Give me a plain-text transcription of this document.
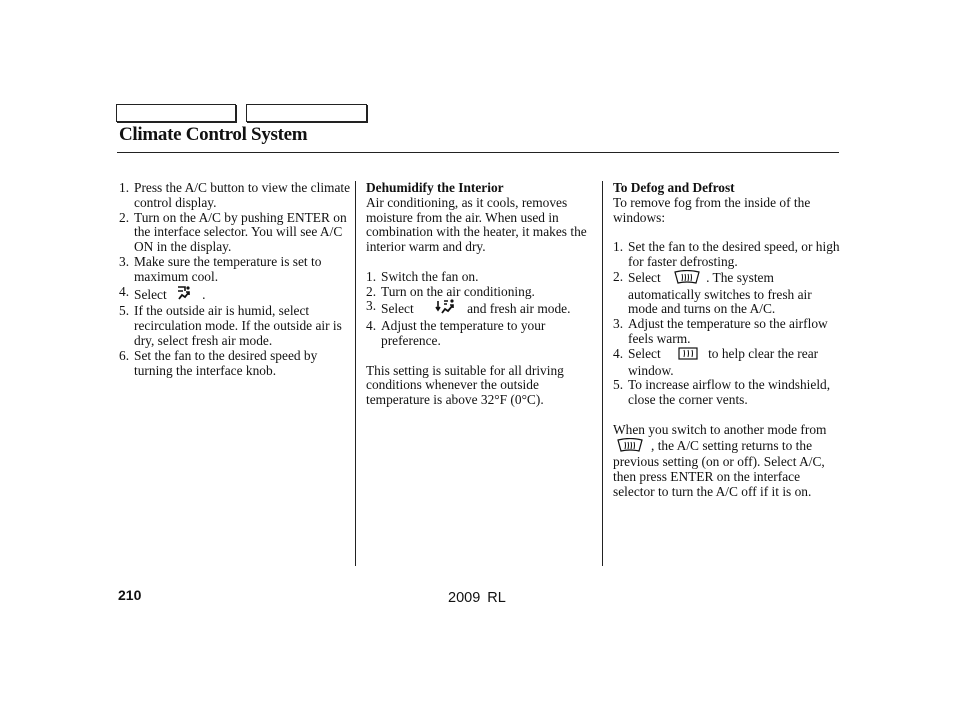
Climate Control System
1. Press the A/C button to view the climate control display.
2. Turn on the A/C by pushing ENTER on the interface selector. You will see A/C ON in the display.
3. Make sure the temperature is set to maximum cool.
4. Select	.
5. If the outside air is humid, select recirculation mode. If the outside air is dry, select fresh air mode.
6. Set the fan to the desired speed by turning the interface knob.

Dehumidify the Interior

Air conditioning, as it cools, removes moisture from the air. When used in combination with the heater, it makes the interior warm and dry.

1. Switch the fan on.
2. Turn on the air conditioning.
3. Select	and fresh air mode.
4. Adjust the temperature to your preference.

This setting is suitable for all driving conditions whenever the outside temperature is above 32°F (0°C).

To Defog and Defrost

To remove fog from the inside of the windows:

1. Set the fan to the desired speed, or high for faster defrosting.
2. Select	. The system automatically switches to fresh air mode and turns on the A/C.
3. Adjust the temperature so the airflow feels warm.
4. Select	to help clear the rear window.
5. To increase airflow to the windshield, close the corner vents.

When you switch to another mode from , the A/C setting returns to the previous setting (on or off). Select A/C, then press ENTER on the interface selector to turn the A/C off if it is on.

210	2009 RL
